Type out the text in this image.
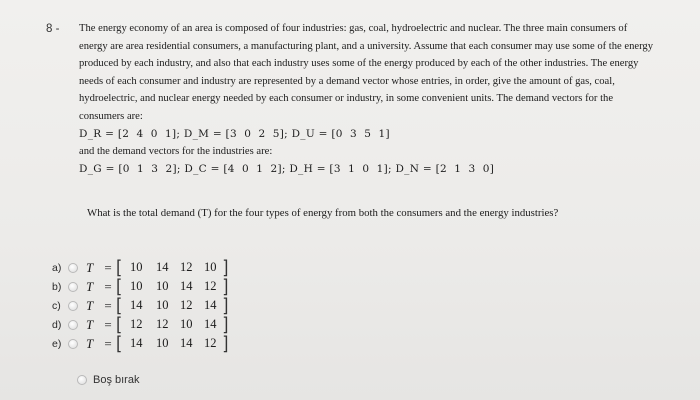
8 - The energy economy of an area is composed of four industries: gas, coal, hydroelectric and nuclear. The three main consumers of

energy are area residential consumers, a manufacturing plant, and a university. Assume that each consumer may use some of the energy

produced by each industry, and also that each industry uses some of the energy produced by each of the other industries. The energy

needs of each consumer and industry are represented by a demand vector whose entries, in order, give the amount of gas, coal,

hydroelectric, and nuclear energy needed by each consumer or industry, in some convenient units. The demand vectors for the

consumers are:

D_R = [2  4  0  1]; D_M = [3  0  2  5]; D_U = [0  3  5  1]

and the demand vectors for the industries are:

D_G = [0  1  3  2]; D_C = [4  0  1  2]; D_H = [3  1  0  1]; D_N = [2  1  3  0]

What is the total demand (T) for the four types of energy from both the consumers and the energy industries?
a)	T = [ 10	14 12 10 ]
b)	T = [ 10	10 14 12 ]
c)	T = [ 14	10 12 14 ]
d)	T = [ 12	12 10 14 ]
e)	T = [ 14	10 14 12 ]
Boş bırak
